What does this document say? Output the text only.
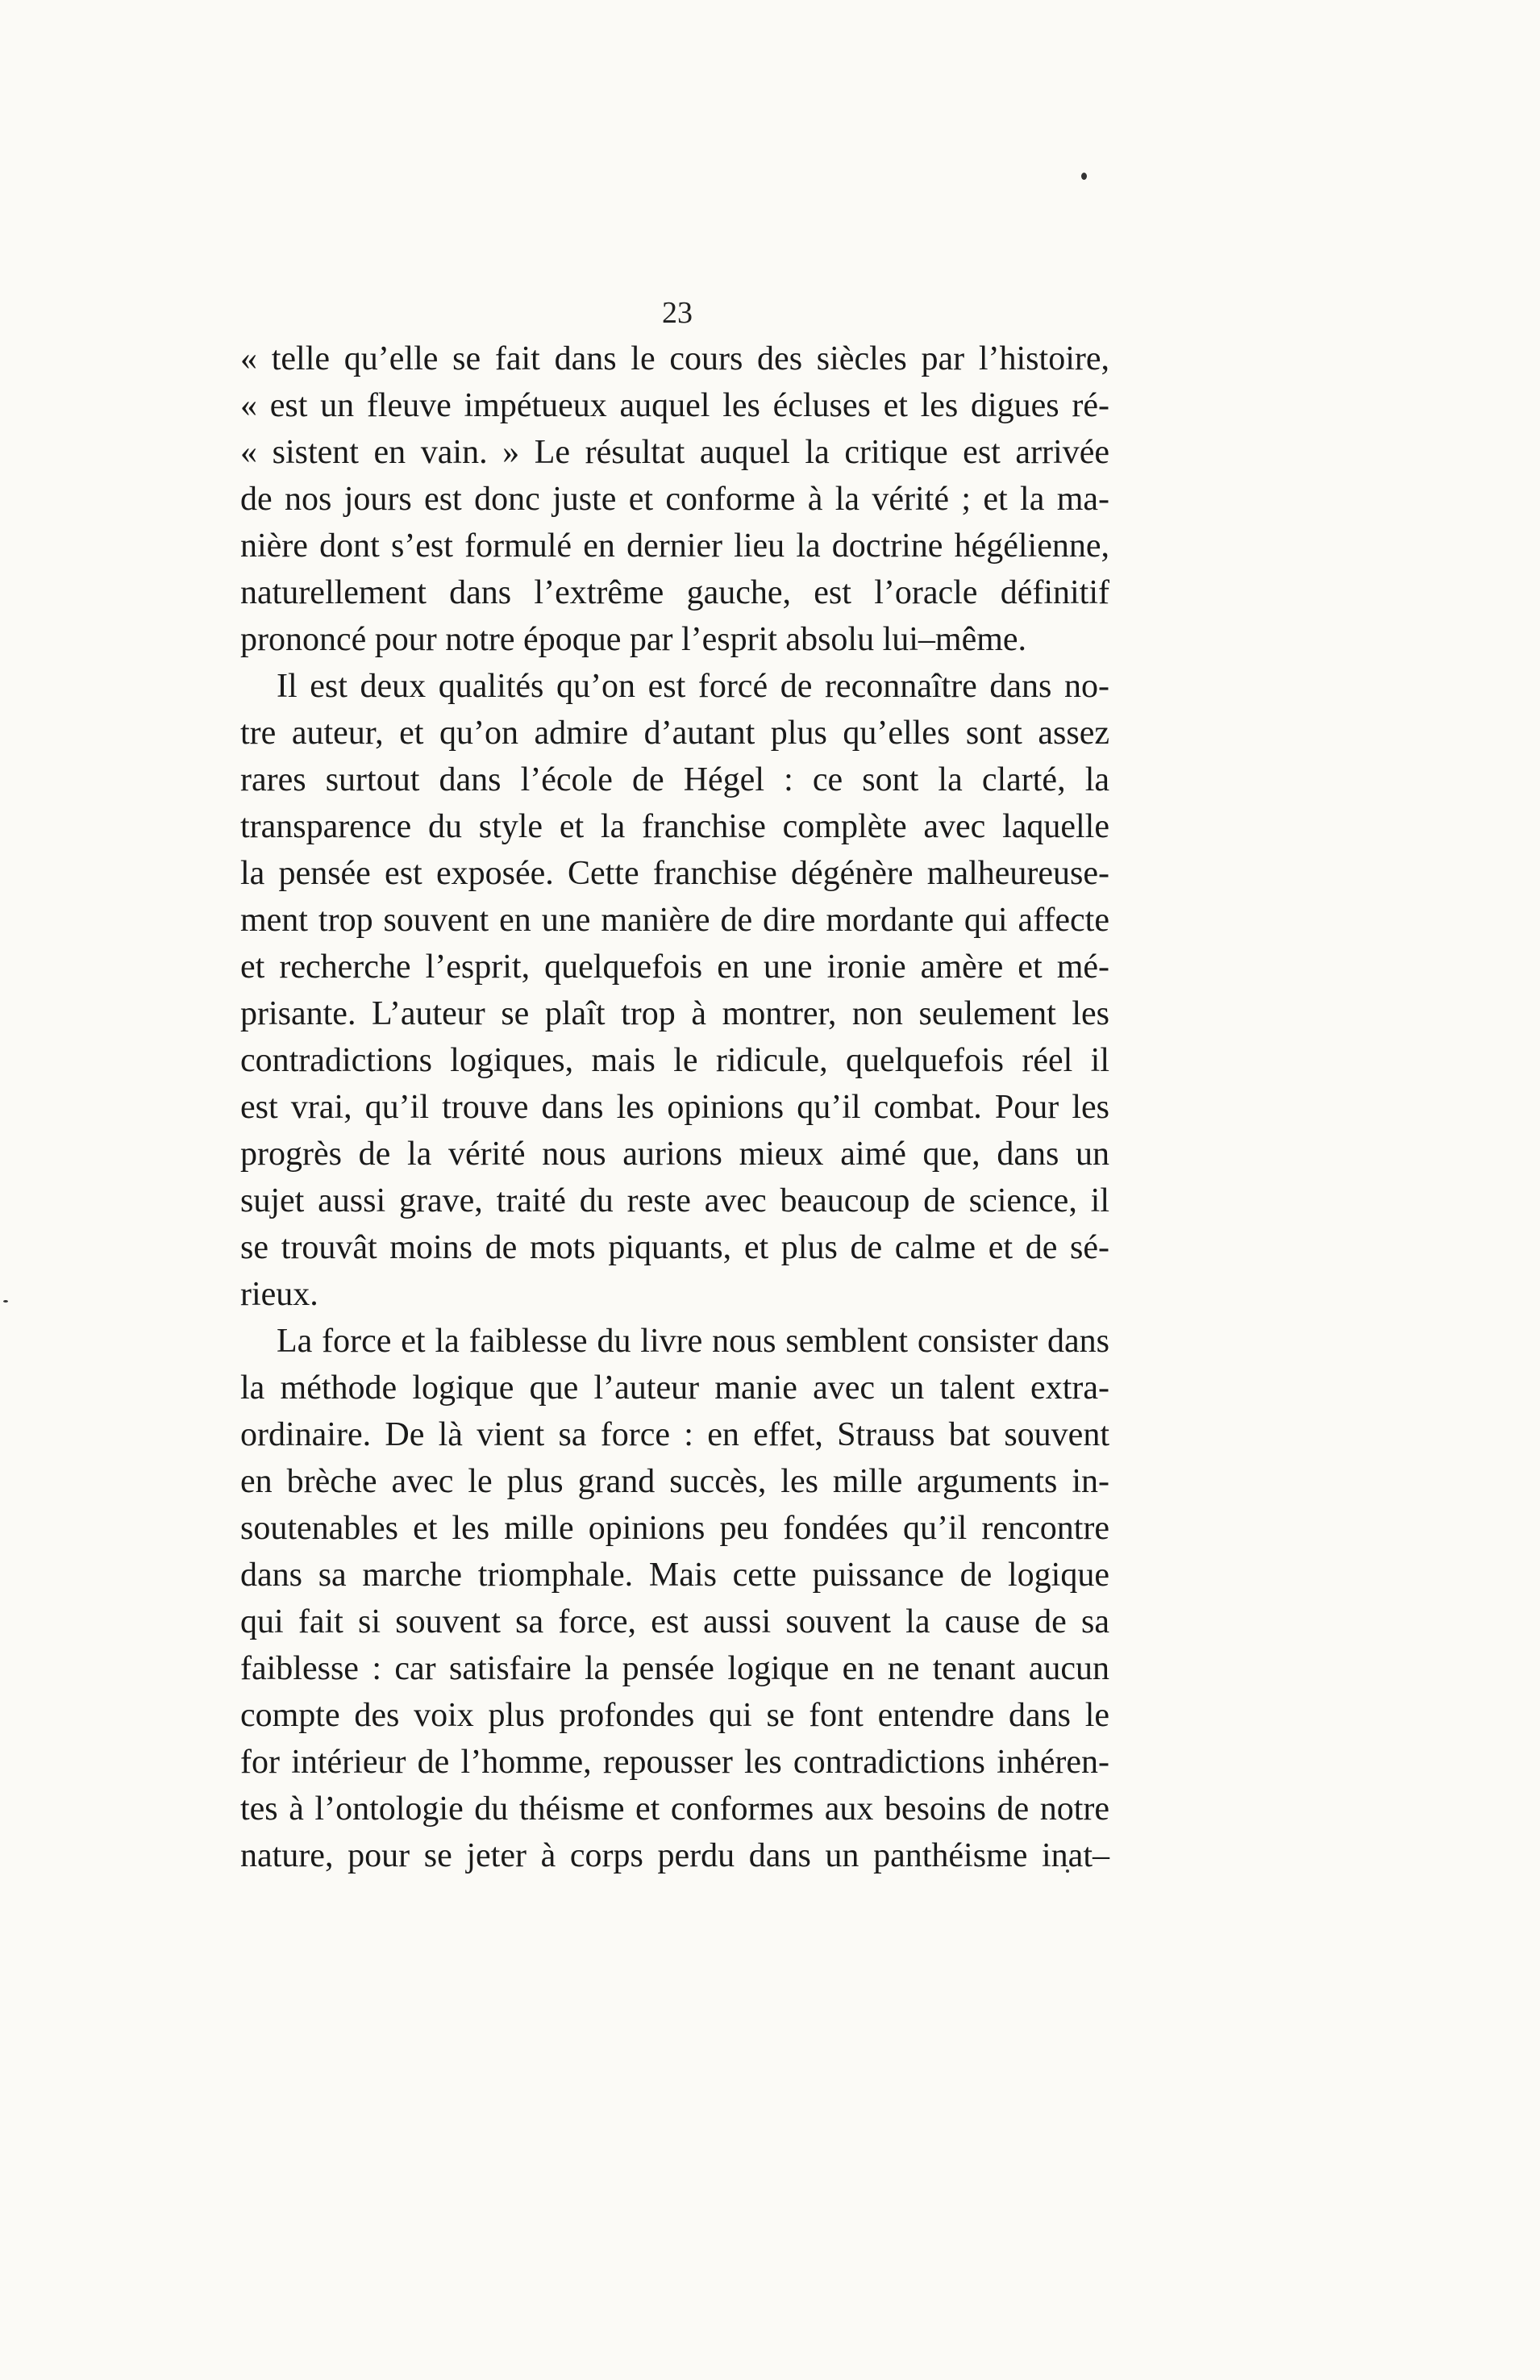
23
« telle qu’elle se fait dans le cours des siècles par l’histoire,
« est un fleuve impétueux auquel les écluses et les digues ré-
« sistent en vain. » Le résultat auquel la critique est arrivée
de nos jours est donc juste et conforme à la vérité ; et la ma-
nière dont s’est formulé en dernier lieu la doctrine hégélienne,
naturellement dans l’extrême gauche, est l’oracle définitif
prononcé pour notre époque par l’esprit absolu lui–même.
Il est deux qualités qu’on est forcé de reconnaître dans no-
tre auteur, et qu’on admire d’autant plus qu’elles sont assez
rares surtout dans l’école de Hégel : ce sont la clarté, la
transparence du style et la franchise complète avec laquelle
la pensée est exposée. Cette franchise dégénère malheureuse-
ment trop souvent en une manière de dire mordante qui affecte
et recherche l’esprit, quelquefois en une ironie amère et mé-
prisante. L’auteur se plaît trop à montrer, non seulement les
contradictions logiques, mais le ridicule, quelquefois réel il
est vrai, qu’il trouve dans les opinions qu’il combat. Pour les
progrès de la vérité nous aurions mieux aimé que, dans un
sujet aussi grave, traité du reste avec beaucoup de science, il
se trouvât moins de mots piquants, et plus de calme et de sé-
rieux.
La force et la faiblesse du livre nous semblent consister dans
la méthode logique que l’auteur manie avec un talent extra-
ordinaire. De là vient sa force : en effet, Strauss bat souvent
en brèche avec le plus grand succès, les mille arguments in-
soutenables et les mille opinions peu fondées qu’il rencontre
dans sa marche triomphale. Mais cette puissance de logique
qui fait si souvent sa force, est aussi souvent la cause de sa
faiblesse : car satisfaire la pensée logique en ne tenant aucun
compte des voix plus profondes qui se font entendre dans le
for intérieur de l’homme, repousser les contradictions inhéren-
tes à l’ontologie du théisme et conformes aux besoins de notre
nature, pour se jeter à corps perdu dans un panthéisme inat–
